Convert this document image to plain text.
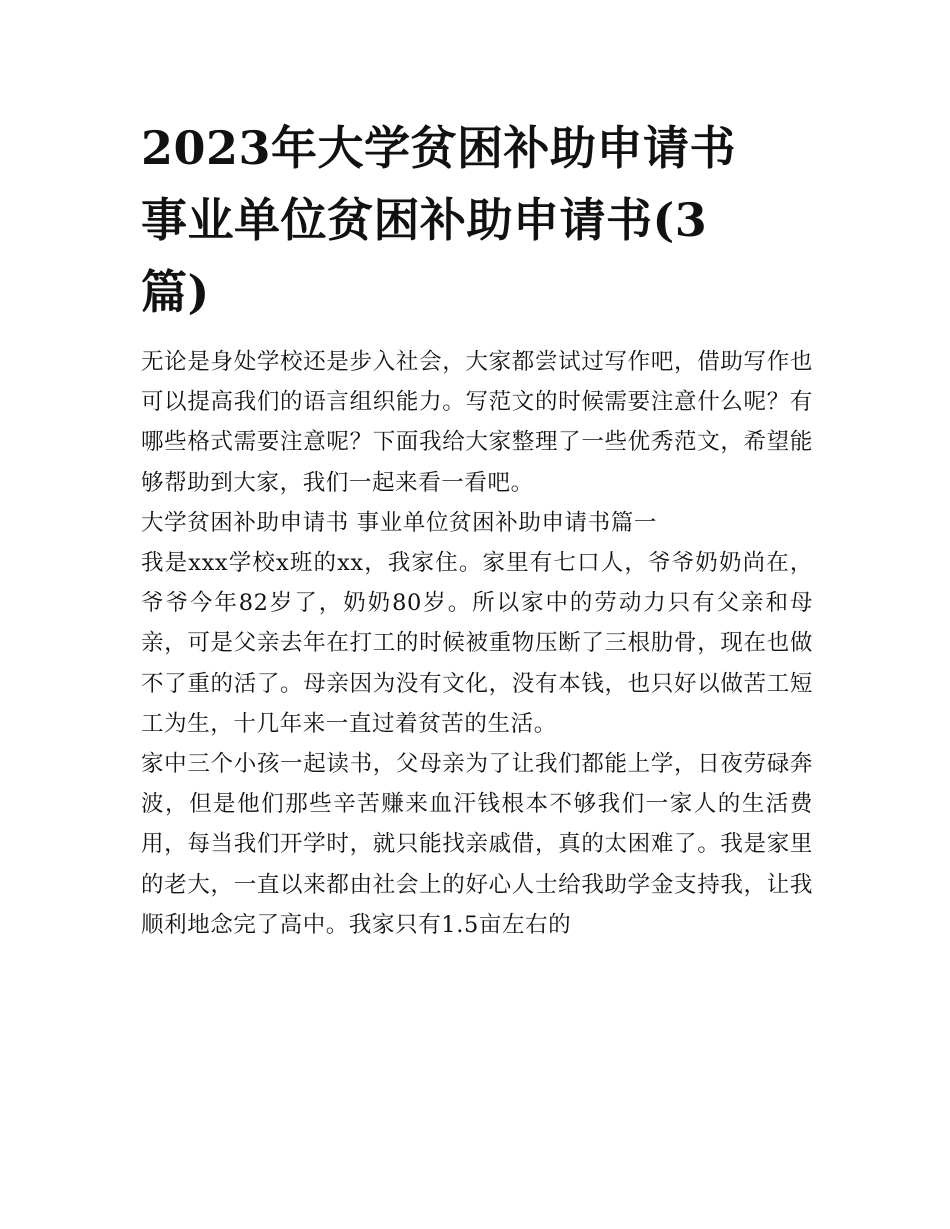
2023年大学贫困补助申请书
事业单位贫困补助申请书(3
篇)

无论是身处学校还是步入社会，大家都尝试过写作吧，借助写作也可以提高我们的语言组织能力。写范文的时候需要注意什么呢？有哪些格式需要注意呢？下面我给大家整理了一些优秀范文，希望能够帮助到大家，我们一起来看一看吧。

大学贫困补助申请书 事业单位贫困补助申请书篇一

我是xxx学校x班的xx，我家住。家里有七口人，爷爷奶奶尚在，爷爷今年82岁了，奶奶80岁。所以家中的劳动力只有父亲和母亲，可是父亲去年在打工的时候被重物压断了三根肋骨，现在也做不了重的活了。母亲因为没有文化，没有本钱，也只好以做苦工短工为生，十几年来一直过着贫苦的生活。

家中三个小孩一起读书，父母亲为了让我们都能上学，日夜劳碌奔波，但是他们那些辛苦赚来血汗钱根本不够我们一家人的生活费用，每当我们开学时，就只能找亲戚借，真的太困难了。我是家里的老大，一直以来都由社会上的好心人士给我助学金支持我，让我顺利地念完了高中。我家只有1.5亩左右的
